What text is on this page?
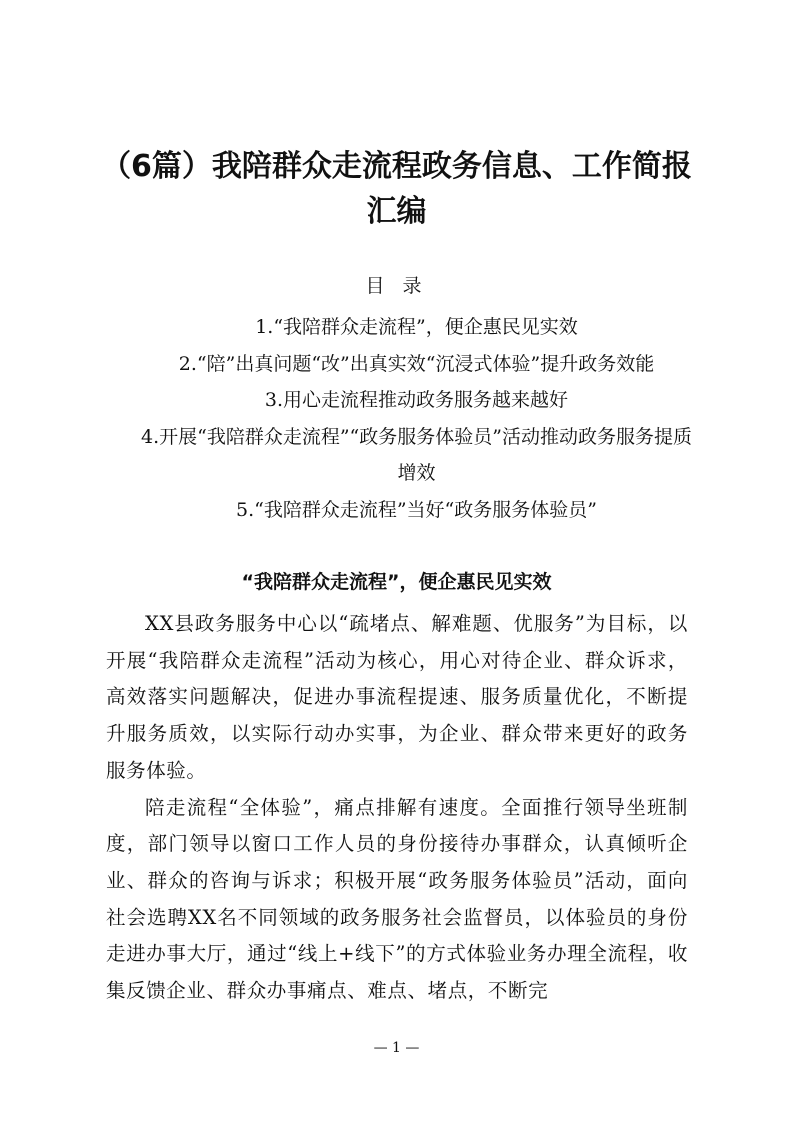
（6篇）我陪群众走流程政务信息、工作简报汇编
目 录
1.“我陪群众走流程”，便企惠民见实效
2.“陪”出真问题“改”出真实效“沉浸式体验”提升政务效能
3.用心走流程推动政务服务越来越好
4.开展“我陪群众走流程”“政务服务体验员”活动推动政务服务提质增效
5.“我陪群众走流程”当好“政务服务体验员”
“我陪群众走流程”，便企惠民见实效

XX县政务服务中心以“疏堵点、解难题、优服务”为目标，以开展“我陪群众走流程”活动为核心，用心对待企业、群众诉求，高效落实问题解决，促进办事流程提速、服务质量优化，不断提升服务质效，以实际行动办实事，为企业、群众带来更好的政务服务体验。

陪走流程“全体验”，痛点排解有速度。全面推行领导坐班制度，部门领导以窗口工作人员的身份接待办事群众，认真倾听企业、群众的咨询与诉求；积极开展“政务服务体验员”活动，面向社会选聘XX名不同领域的政务服务社会监督员，以体验员的身份走进办事大厅，通过“线上+线下”的方式体验业务办理全流程，收集反馈企业、群众办事痛点、难点、堵点，不断完

— 1 —
